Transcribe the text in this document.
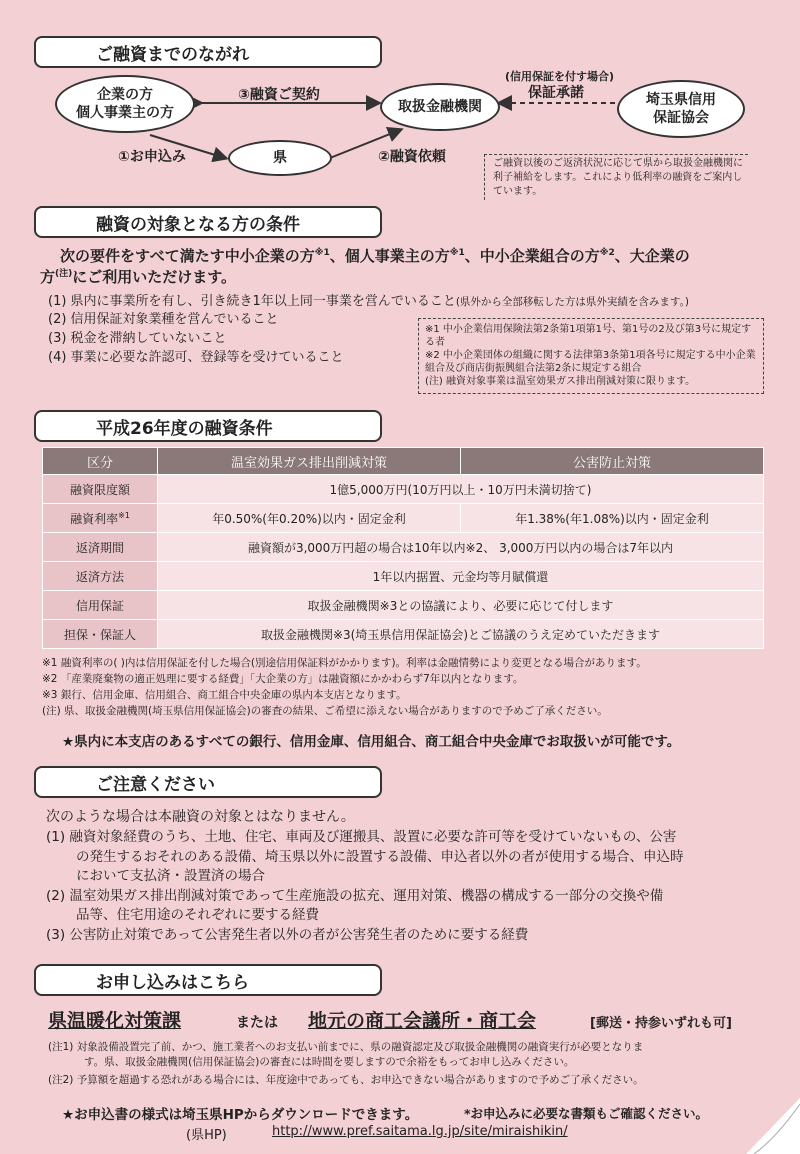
ご融資までのながれ
企業の方
個人事業主の方
③融資ご契約
取扱金融機関
(信用保証を付す場合)
保証承諾	埼玉県信用
保証協会
①お申込み	県	②融資依頼	ご融資以後のご返済状況に応じて県から取扱金融機関に利子補給をします。これにより低利率の融資をご案内しています。
融資の対象となる方の条件
次の要件をすべて満たす中小企業の方$^{※1}$、個人事業主の方$^{※1}$、中小企業組合の方$^{※2}$、大企業の
方$^{(注)}$にご利用いただけます。
(1) 県内に事業所を有し、引き続き1年以上同一事業を営んでいること(県外から全部移転した方は県外実績を含みます。)
(2) 信用保証対象業種を営んでいること
(3) 税金を滞納していないこと
(4) 事業に必要な許認可、登録等を受けていること
※1 中小企業信用保険法第2条第1項第1号、第1号の2及び第3号に規定する者
※2 中小企業団体の組織に関する法律第3条第1項各号に規定する中小企業組合及び商店街振興組合法第2条に規定する組合
(注) 融資対象事業は温室効果ガス排出削減対策に限ります。
平成26年度の融資条件
区分	温室効果ガス排出削減対策	公害防止対策
融資限度額	1億5,000万円(10万円以上・10万円未満切捨て)	
融資利率$^{※1}$	年0.50%(年0.20%)以内・固定金利	年1.38%(年1.08%)以内・固定金利
返済期間	融資額が3,000万円超の場合は10年以内※2、 3,000万円以内の場合は7年以内	
返済方法	1年以内据置、元金均等月賦償還	
信用保証	取扱金融機関※3との協議により、必要に応じて付します	
担保・保証人	取扱金融機関※3(埼玉県信用保証協会)とご協議のうえ定めていただきます	
※1 融資利率の( )内は信用保証を付した場合(別途信用保証料がかかります)。利率は金融情勢により変更となる場合があります。
※2 「産業廃棄物の適正処理に要する経費」「大企業の方」は融資額にかかわらず7年以内となります。
※3 銀行、信用金庫、信用組合、商工組合中央金庫の県内本支店となります。
(注) 県、取扱金融機関(埼玉県信用保証協会)の審査の結果、ご希望に添えない場合がありますので予めご了承ください。
★県内に本支店のあるすべての銀行、信用金庫、信用組合、商工組合中央金庫でお取扱いが可能です。
ご注意ください
次のような場合は本融資の対象とはなりません。
(1) 融資対象経費のうち、土地、住宅、車両及び運搬具、設置に必要な許可等を受けていないもの、公害
の発生するおそれのある設備、埼玉県以外に設置する設備、申込者以外の者が使用する場合、申込時
において支払済・設置済の場合
(2) 温室効果ガス排出削減対策であって生産施設の拡充、運用対策、機器の構成する一部分の交換や備
品等、住宅用途のそれぞれに要する経費
(3) 公害防止対策であって公害発生者以外の者が公害発生者のために要する経費
お申し込みはこちら
県温暖化対策課	または 地元の商工会議所・商工会	[郵送・持参いずれも可]
(注1) 対象設備設置完了前、かつ、施工業者へのお支払い前までに、県の融資認定及び取扱金融機関の融資実行が必要となりま
す。県、取扱金融機関(信用保証協会)の審査には時間を要しますので余裕をもってお申し込みください。
(注2) 予算額を超過する恐れがある場合には、年度途中であっても、お申込できない場合がありますので予めご了承ください。
★お申込書の様式は埼玉県HPからダウンロードできます。	*お申込みに必要な書類もご確認ください。
(県HP)	http://www.pref.saitama.lg.jp/site/miraishikin/
